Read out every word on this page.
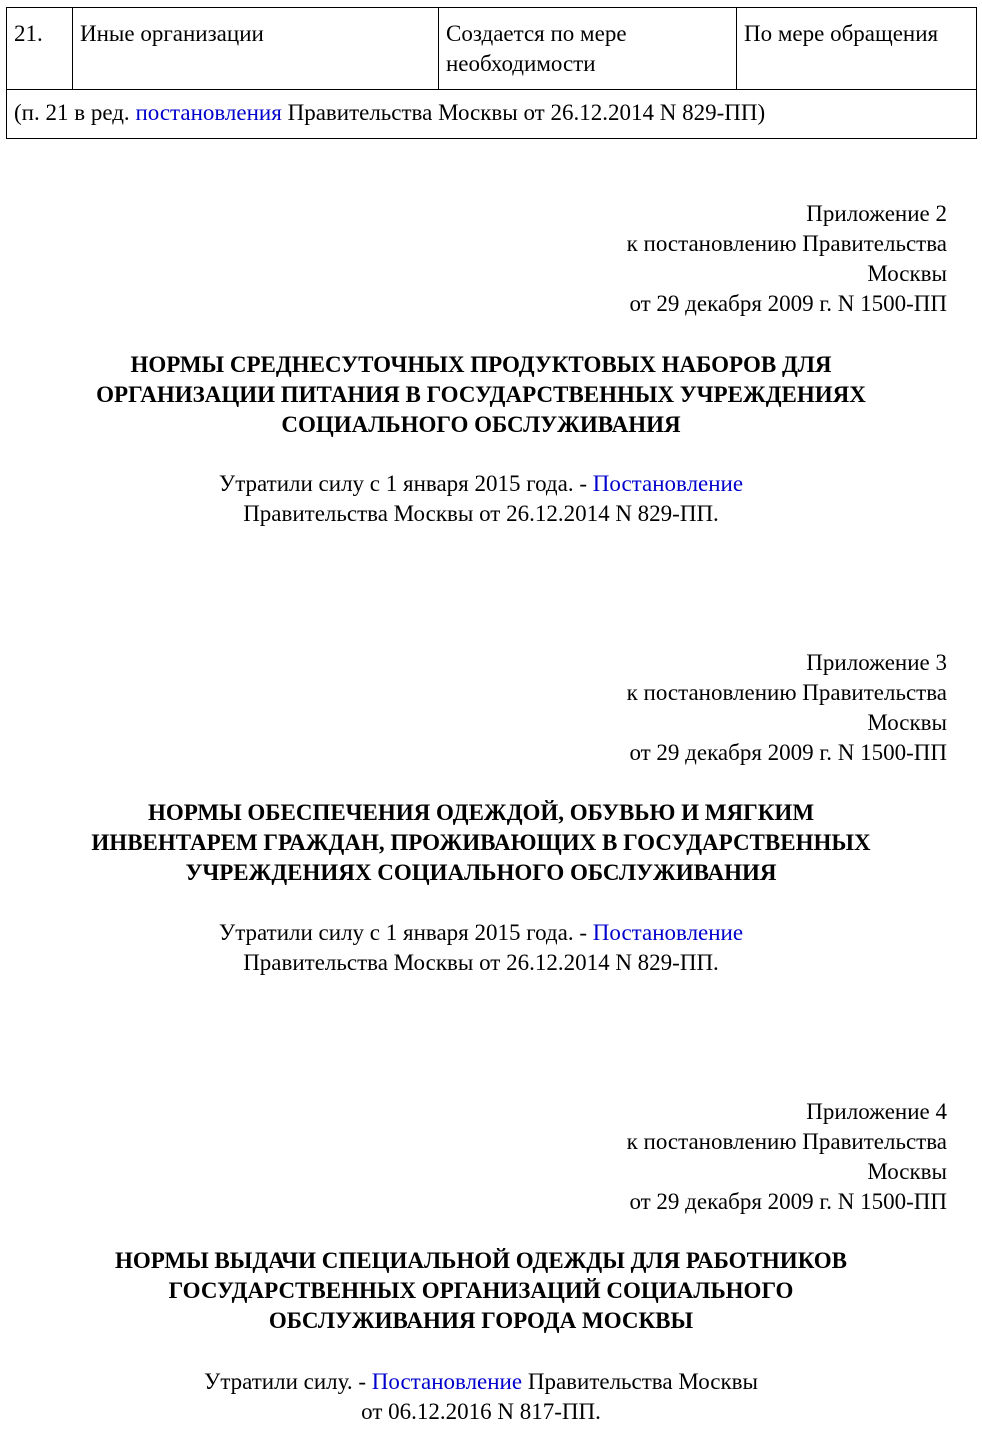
21.	Иные организации	Создается по мере
необходимости
По мере обращения
(п. 21 в ред. постановления Правительства Москвы от 26.12.2014 N 829-ПП)
Приложение 2
к постановлению Правительства
Москвы
от 29 декабря 2009 г. N 1500-ПП
НОРМЫ СРЕДНЕСУТОЧНЫХ ПРОДУКТОВЫХ НАБОРОВ ДЛЯ
ОРГАНИЗАЦИИ ПИТАНИЯ В ГОСУДАРСТВЕННЫХ УЧРЕЖДЕНИЯХ
СОЦИАЛЬНОГО ОБСЛУЖИВАНИЯ
Утратили силу с 1 января 2015 года. - Постановление
Правительства Москвы от 26.12.2014 N 829-ПП.
Приложение 3
к постановлению Правительства
Москвы
от 29 декабря 2009 г. N 1500-ПП
НОРМЫ ОБЕСПЕЧЕНИЯ ОДЕЖДОЙ, ОБУВЬЮ И МЯГКИМ
ИНВЕНТАРЕМ ГРАЖДАН, ПРОЖИВАЮЩИХ В ГОСУДАРСТВЕННЫХ
УЧРЕЖДЕНИЯХ СОЦИАЛЬНОГО ОБСЛУЖИВАНИЯ
Утратили силу с 1 января 2015 года. - Постановление
Правительства Москвы от 26.12.2014 N 829-ПП.
Приложение 4
к постановлению Правительства
Москвы
от 29 декабря 2009 г. N 1500-ПП
НОРМЫ ВЫДАЧИ СПЕЦИАЛЬНОЙ ОДЕЖДЫ ДЛЯ РАБОТНИКОВ
ГОСУДАРСТВЕННЫХ ОРГАНИЗАЦИЙ СОЦИАЛЬНОГО
ОБСЛУЖИВАНИЯ ГОРОДА МОСКВЫ
Утратили силу. - Постановление Правительства Москвы
от 06.12.2016 N 817-ПП.
